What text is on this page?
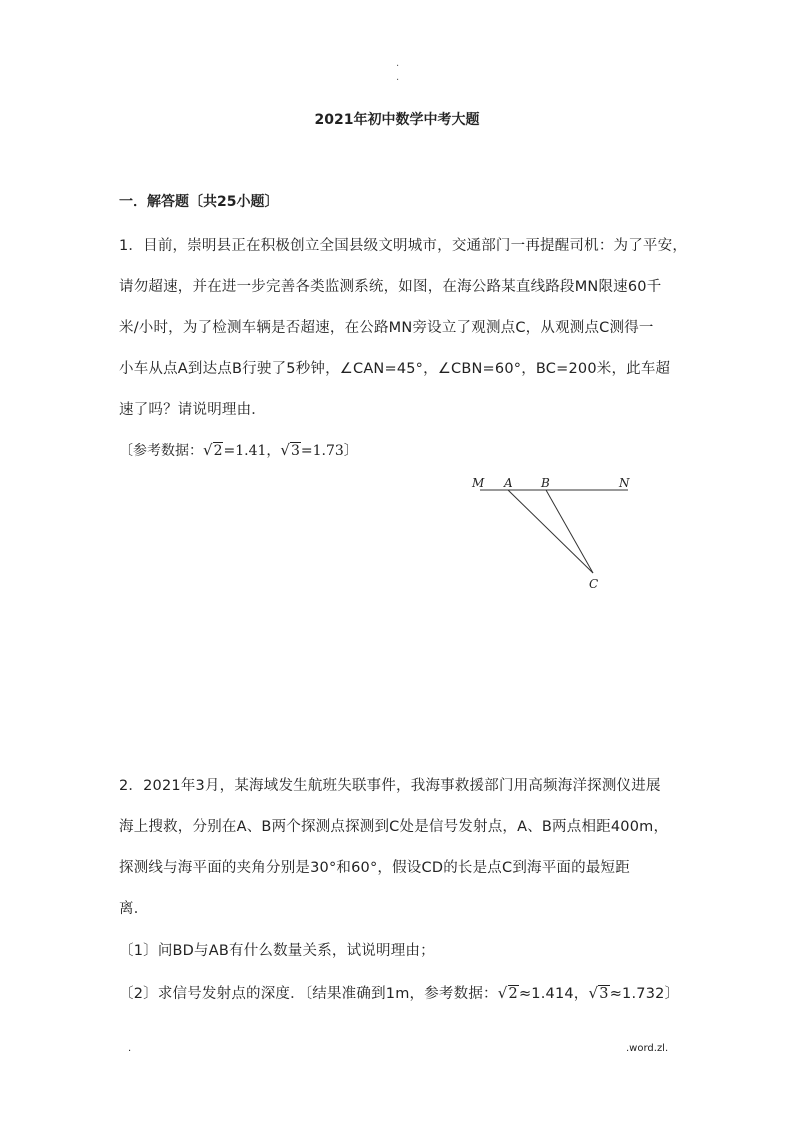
.
.
2021年初中数学中考大题
一．解答题〔共25小题〕
1．目前，崇明县正在积极创立全国县级文明城市，交通部门一再提醒司机：为了平安，
请勿超速，并在进一步完善各类监测系统，如图，在海公路某直线路段MN限速60千
米/小时，为了检测车辆是否超速，在公路MN旁设立了观测点C，从观测点C测得一
小车从点A到达点B行驶了5秒钟，∠CAN=45°，∠CBN=60°，BC=200米，此车超
速了吗？请说明理由．
〔参考数据：√2=1.41，√3=1.73〕
M A B	N
C
2．2021年3月，某海域发生航班失联事件，我海事救援部门用高频海洋探测仪进展
海上搜救，分别在A、B两个探测点探测到C处是信号发射点，A、B两点相距400m，
探测线与海平面的夹角分别是30°和60°，假设CD的长是点C到海平面的最短距
离．
〔1〕问BD与AB有什么数量关系，试说明理由；
〔2〕求信号发射点的深度．〔结果准确到1m，参考数据：√2≈1.414，√3≈1.732〕
.	.word.zl.
